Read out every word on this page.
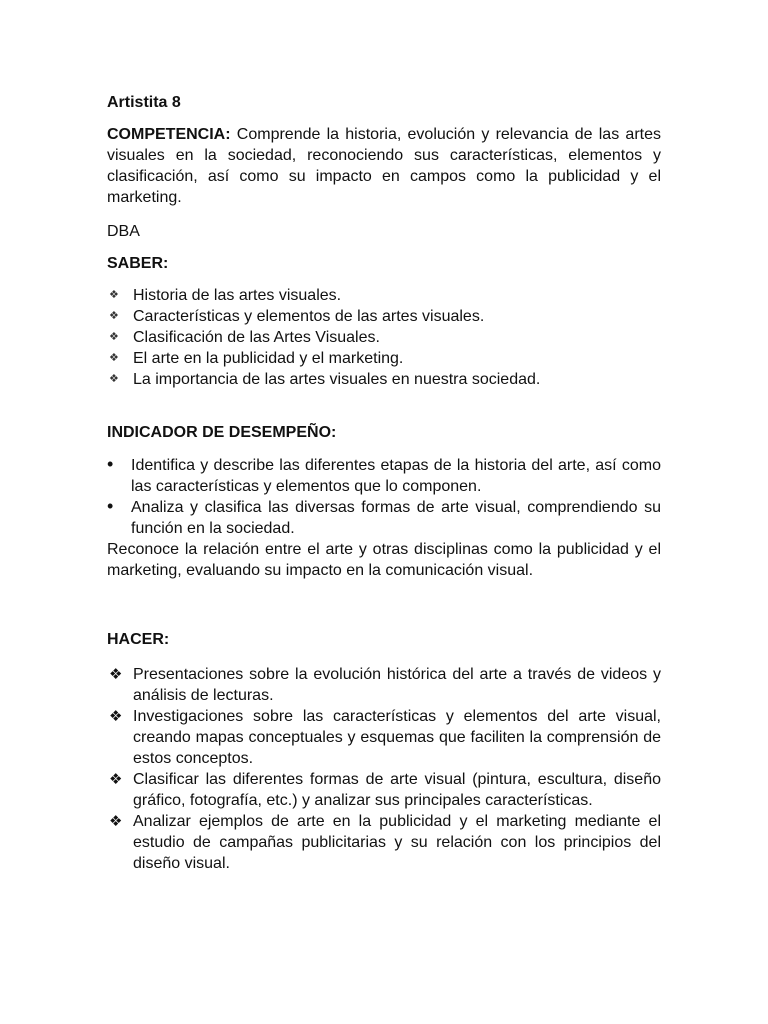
Artistita 8

COMPETENCIA: Comprende la historia, evolución y relevancia de las artes visuales en la sociedad, reconociendo sus características, elementos y clasificación, así como su impacto en campos como la publicidad y el marketing.

DBA

SABER:

❖ Historia de las artes visuales.
❖ Características y elementos de las artes visuales.
❖ Clasificación de las Artes Visuales.
❖ El arte en la publicidad y el marketing.
❖ La importancia de las artes visuales en nuestra sociedad.

INDICADOR DE DESEMPEÑO:

• Identifica y describe las diferentes etapas de la historia del arte, así como las características y elementos que lo componen.
• Analiza y clasifica las diversas formas de arte visual, comprendiendo su función en la sociedad.

Reconoce la relación entre el arte y otras disciplinas como la publicidad y el marketing, evaluando su impacto en la comunicación visual.

HACER:

❖ Presentaciones sobre la evolución histórica del arte a través de videos y análisis de lecturas.
❖ Investigaciones sobre las características y elementos del arte visual, creando mapas conceptuales y esquemas que faciliten la comprensión de estos conceptos.
❖ Clasificar las diferentes formas de arte visual (pintura, escultura, diseño gráfico, fotografía, etc.) y analizar sus principales características.
❖ Analizar ejemplos de arte en la publicidad y el marketing mediante el estudio de campañas publicitarias y su relación con los principios del diseño visual.
